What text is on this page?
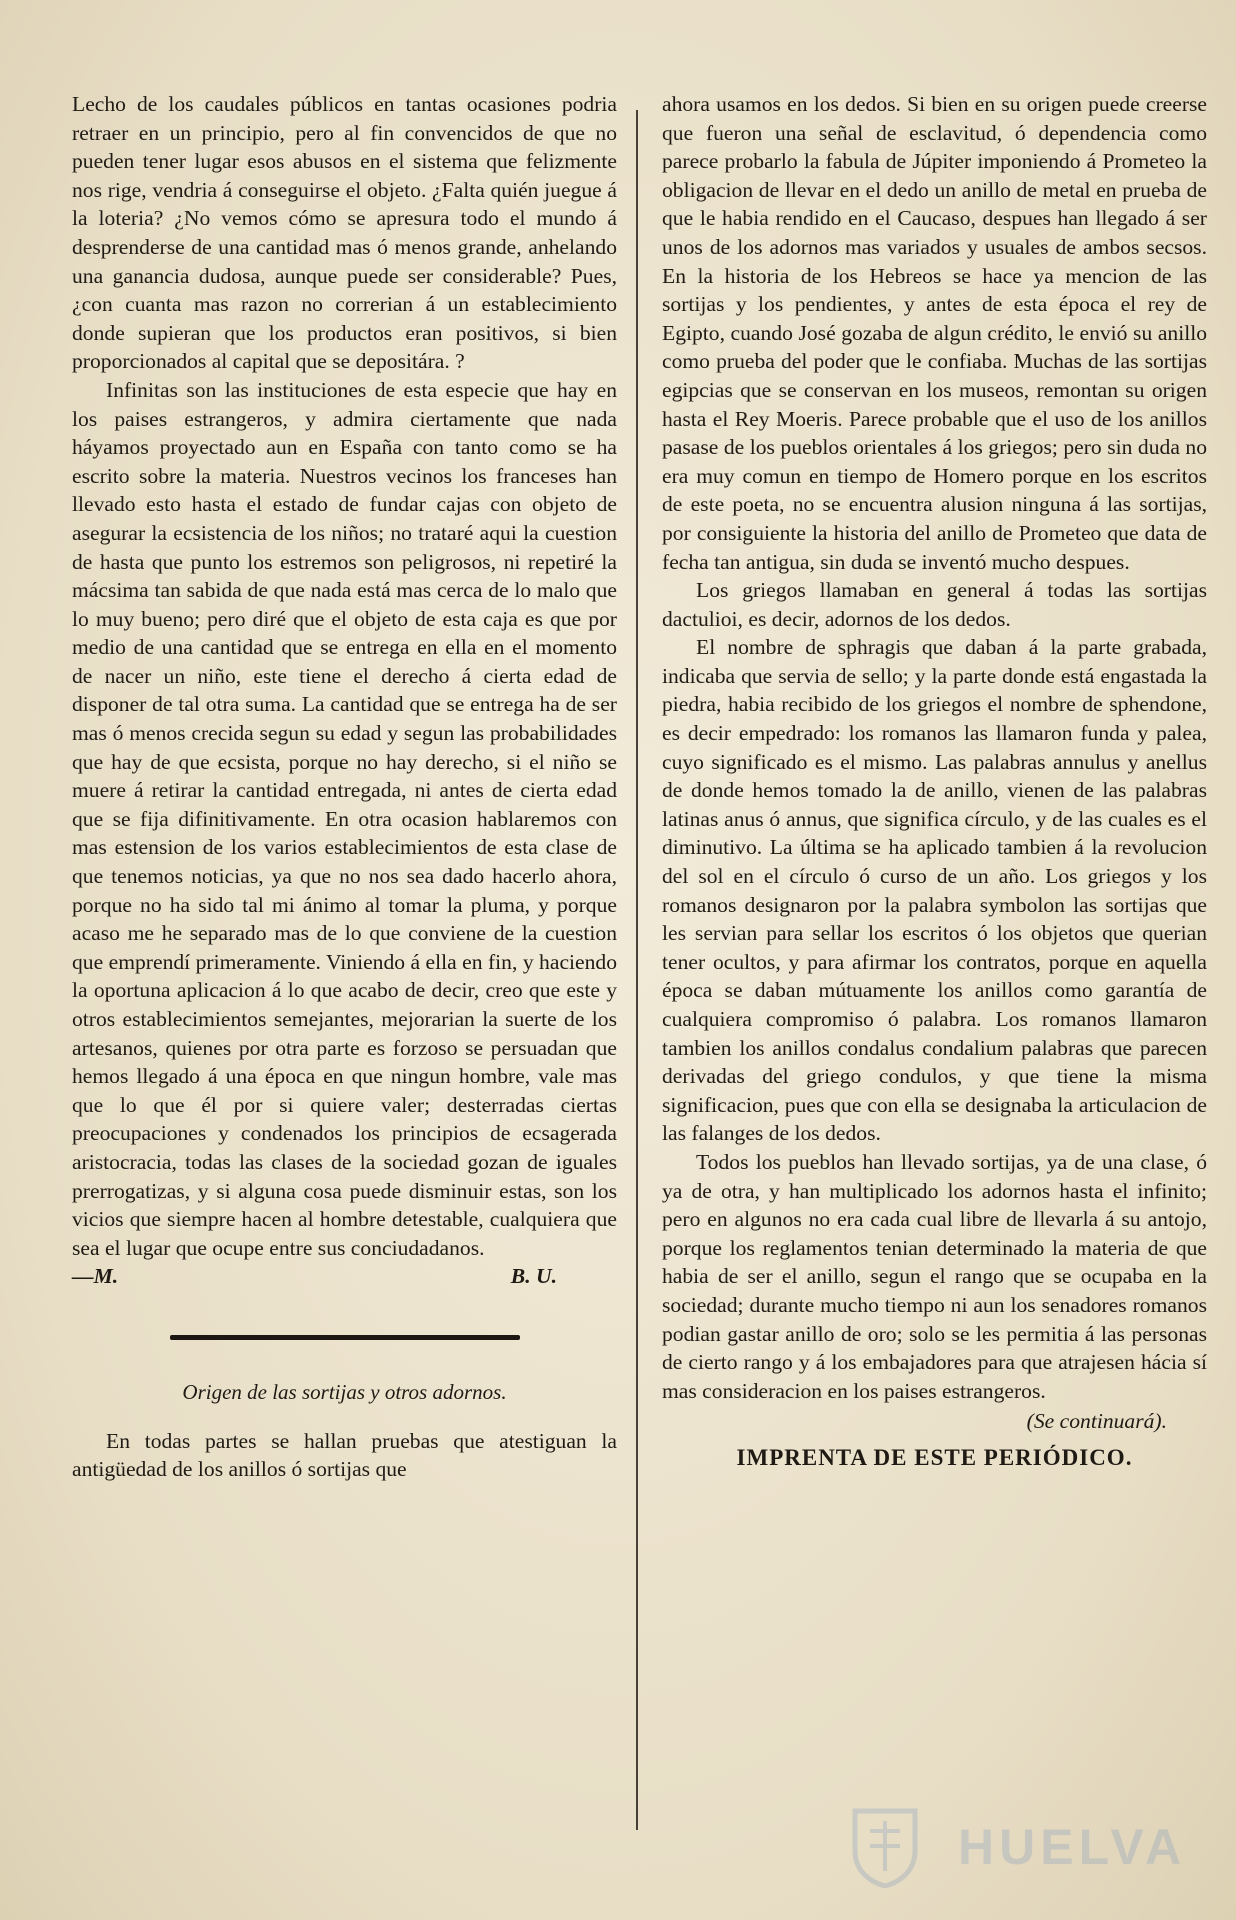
Lecho de los caudales públicos en tantas ocasiones podria retraer en un principio, pero al fin convencidos de que no pueden tener lugar esos abusos en el sistema que felizmente nos rige, vendria á conseguirse el objeto. ¿Falta quién juegue á la loteria? ¿No vemos cómo se apresura todo el mundo á desprenderse de una cantidad mas ó menos grande, anhelando una ganancia dudosa, aunque puede ser considerable? Pues, ¿con cuanta mas razon no correrian á un establecimiento donde supieran que los productos eran positivos, si bien proporcionados al capital que se depositára. ?

Infinitas son las instituciones de esta especie que hay en los paises estrangeros, y admira ciertamente que nada háyamos proyectado aun en España con tanto como se ha escrito sobre la materia. Nuestros vecinos los franceses han llevado esto hasta el estado de fundar cajas con objeto de asegurar la ecsistencia de los niños; no trataré aqui la cuestion de hasta que punto los estremos son peligrosos, ni repetiré la mácsima tan sabida de que nada está mas cerca de lo malo que lo muy bueno; pero diré que el objeto de esta caja es que por medio de una cantidad que se entrega en ella en el momento de nacer un niño, este tiene el derecho á cierta edad de disponer de tal otra suma. La cantidad que se entrega ha de ser mas ó menos crecida segun su edad y segun las probabilidades que hay de que ecsista, porque no hay derecho, si el niño se muere á retirar la cantidad entregada, ni antes de cierta edad que se fija difinitivamente. En otra ocasion hablaremos con mas estension de los varios establecimientos de esta clase de que tenemos noticias, ya que no nos sea dado hacerlo ahora, porque no ha sido tal mi ánimo al tomar la pluma, y porque acaso me he separado mas de lo que conviene de la cuestion que emprendí primeramente. Viniendo á ella en fin, y haciendo la oportuna aplicacion á lo que acabo de decir, creo que este y otros establecimientos semejantes, mejorarian la suerte de los artesanos, quienes por otra parte es forzoso se persuadan que hemos llegado á una época en que ningun hombre, vale mas que lo que él por si quiere valer; desterradas ciertas preocupaciones y condenados los principios de ecsagerada aristocracia, todas las clases de la sociedad gozan de iguales prerrogatizas, y si alguna cosa puede disminuir estas, son los vicios que siempre hacen al hombre detestable, cualquiera que sea el lugar que ocupe entre sus conciudadanos.

—M.	B. U.
Origen de las sortijas y otros adornos.

En todas partes se hallan pruebas que atestiguan la antigüedad de los anillos ó sortijas que

ahora usamos en los dedos. Si bien en su origen puede creerse que fueron una señal de esclavitud, ó dependencia como parece probarlo la fabula de Júpiter imponiendo á Prometeo la obligacion de llevar en el dedo un anillo de metal en prueba de que le habia rendido en el Caucaso, despues han llegado á ser unos de los adornos mas variados y usuales de ambos secsos. En la historia de los Hebreos se hace ya mencion de las sortijas y los pendientes, y antes de esta época el rey de Egipto, cuando José gozaba de algun crédito, le envió su anillo como prueba del poder que le confiaba. Muchas de las sortijas egipcias que se conservan en los museos, remontan su origen hasta el Rey Moeris. Parece probable que el uso de los anillos pasase de los pueblos orientales á los griegos; pero sin duda no era muy comun en tiempo de Homero porque en los escritos de este poeta, no se encuentra alusion ninguna á las sortijas, por consiguiente la historia del anillo de Prometeo que data de fecha tan antigua, sin duda se inventó mucho despues.

Los griegos llamaban en general á todas las sortijas dactulioi, es decir, adornos de los dedos.

El nombre de sphragis que daban á la parte grabada, indicaba que servia de sello; y la parte donde está engastada la piedra, habia recibido de los griegos el nombre de sphendone, es decir empedrado: los romanos las llamaron funda y palea, cuyo significado es el mismo. Las palabras annulus y anellus de donde hemos tomado la de anillo, vienen de las palabras latinas anus ó annus, que significa círculo, y de las cuales es el diminutivo. La última se ha aplicado tambien á la revolucion del sol en el círculo ó curso de un año. Los griegos y los romanos designaron por la palabra symbolon las sortijas que les servian para sellar los escritos ó los objetos que querian tener ocultos, y para afirmar los contratos, porque en aquella época se daban mútuamente los anillos como garantía de cualquiera compromiso ó palabra. Los romanos llamaron tambien los anillos condalus condalium palabras que parecen derivadas del griego condulos, y que tiene la misma significacion, pues que con ella se designaba la articulacion de las falanges de los dedos.

Todos los pueblos han llevado sortijas, ya de una clase, ó ya de otra, y han multiplicado los adornos hasta el infinito; pero en algunos no era cada cual libre de llevarla á su antojo, porque los reglamentos tenian determinado la materia de que habia de ser el anillo, segun el rango que se ocupaba en la sociedad; durante mucho tiempo ni aun los senadores romanos podian gastar anillo de oro; solo se les permitia á las personas de cierto rango y á los embajadores para que atrajesen hácia sí mas consideracion en los paises estrangeros.

(Se continuará).
IMPRENTA DE ESTE PERIÓDICO.
HUELVA
